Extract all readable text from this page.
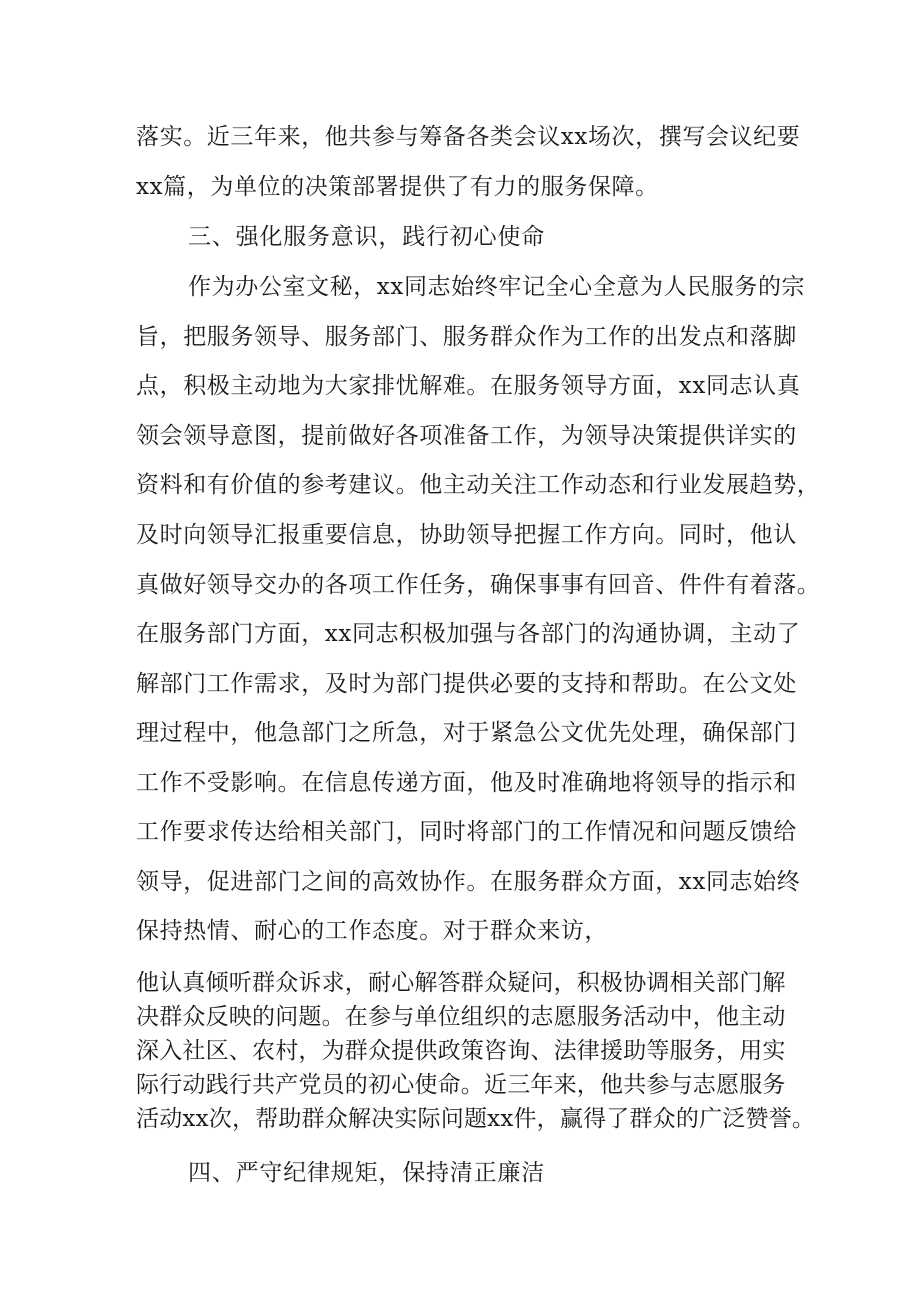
落实。近三年来，他共参与筹备各类会议xx场次，撰写会议纪要
xx篇，为单位的决策部署提供了有力的服务保障。
三、强化服务意识，践行初心使命
作为办公室文秘，xx同志始终牢记全心全意为人民服务的宗
旨，把服务领导、服务部门、服务群众作为工作的出发点和落脚
点，积极主动地为大家排忧解难。在服务领导方面，xx同志认真
领会领导意图，提前做好各项准备工作，为领导决策提供详实的
资料和有价值的参考建议。他主动关注工作动态和行业发展趋势，
及时向领导汇报重要信息，协助领导把握工作方向。同时，他认
真做好领导交办的各项工作任务，确保事事有回音、件件有着落。
在服务部门方面，xx同志积极加强与各部门的沟通协调，主动了
解部门工作需求，及时为部门提供必要的支持和帮助。在公文处
理过程中，他急部门之所急，对于紧急公文优先处理，确保部门
工作不受影响。在信息传递方面，他及时准确地将领导的指示和
工作要求传达给相关部门，同时将部门的工作情况和问题反馈给
领导，促进部门之间的高效协作。在服务群众方面，xx同志始终
保持热情、耐心的工作态度。对于群众来访，
他认真倾听群众诉求，耐心解答群众疑问，积极协调相关部门解
决群众反映的问题。在参与单位组织的志愿服务活动中，他主动
深入社区、农村，为群众提供政策咨询、法律援助等服务，用实
际行动践行共产党员的初心使命。近三年来，他共参与志愿服务
活动xx次，帮助群众解决实际问题xx件，赢得了群众的广泛赞誉。
四、严守纪律规矩，保持清正廉洁
